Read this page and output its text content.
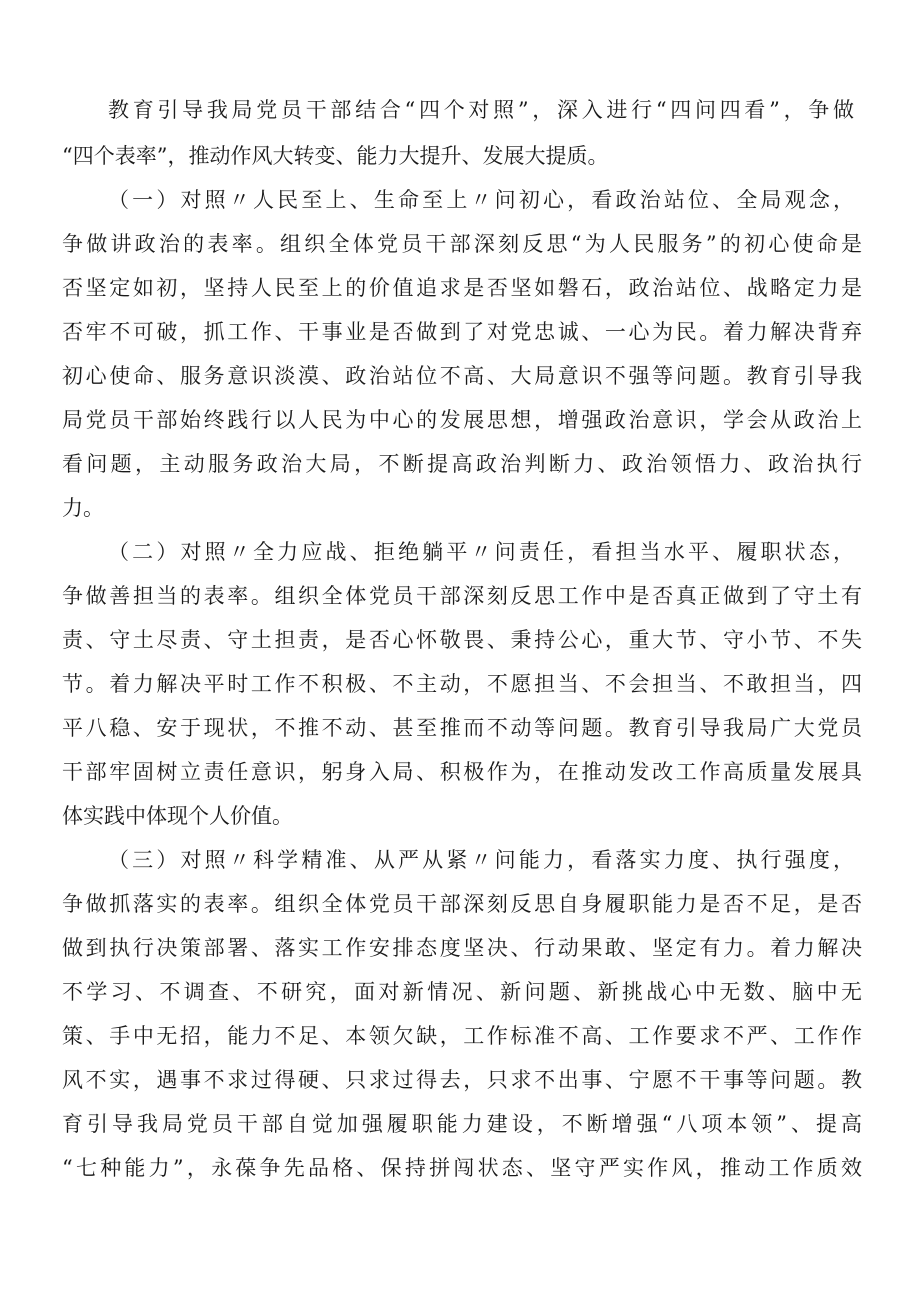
教育引导我局党员干部结合“四个对照”，深入进行“四问四看”，争做
“四个表率”，推动作风大转变、能力大提升、发展大提质。
（一）对照〃人民至上、生命至上〃问初心，看政治站位、全局观念，
争做讲政治的表率。组织全体党员干部深刻反思“为人民服务”的初心使命是
否坚定如初，坚持人民至上的价值追求是否坚如磐石，政治站位、战略定力是
否牢不可破，抓工作、干事业是否做到了对党忠诚、一心为民。着力解决背弃
初心使命、服务意识淡漠、政治站位不高、大局意识不强等问题。教育引导我
局党员干部始终践行以人民为中心的发展思想，增强政治意识，学会从政治上
看问题，主动服务政治大局，不断提高政治判断力、政治领悟力、政治执行
力。
（二）对照〃全力应战、拒绝躺平〃问责任，看担当水平、履职状态，
争做善担当的表率。组织全体党员干部深刻反思工作中是否真正做到了守土有
责、守土尽责、守土担责，是否心怀敬畏、秉持公心，重大节、守小节、不失
节。着力解决平时工作不积极、不主动，不愿担当、不会担当、不敢担当，四
平八稳、安于现状，不推不动、甚至推而不动等问题。教育引导我局广大党员
干部牢固树立责任意识，躬身入局、积极作为，在推动发改工作高质量发展具
体实践中体现个人价值。
（三）对照〃科学精准、从严从紧〃问能力，看落实力度、执行强度，
争做抓落实的表率。组织全体党员干部深刻反思自身履职能力是否不足，是否
做到执行决策部署、落实工作安排态度坚决、行动果敢、坚定有力。着力解决
不学习、不调查、不研究，面对新情况、新问题、新挑战心中无数、脑中无
策、手中无招，能力不足、本领欠缺，工作标准不高、工作要求不严、工作作
风不实，遇事不求过得硬、只求过得去，只求不出事、宁愿不干事等问题。教
育引导我局党员干部自觉加强履职能力建设，不断增强“八项本领”、提高
“七种能力”，永葆争先品格、保持拼闯状态、坚守严实作风，推动工作质效
